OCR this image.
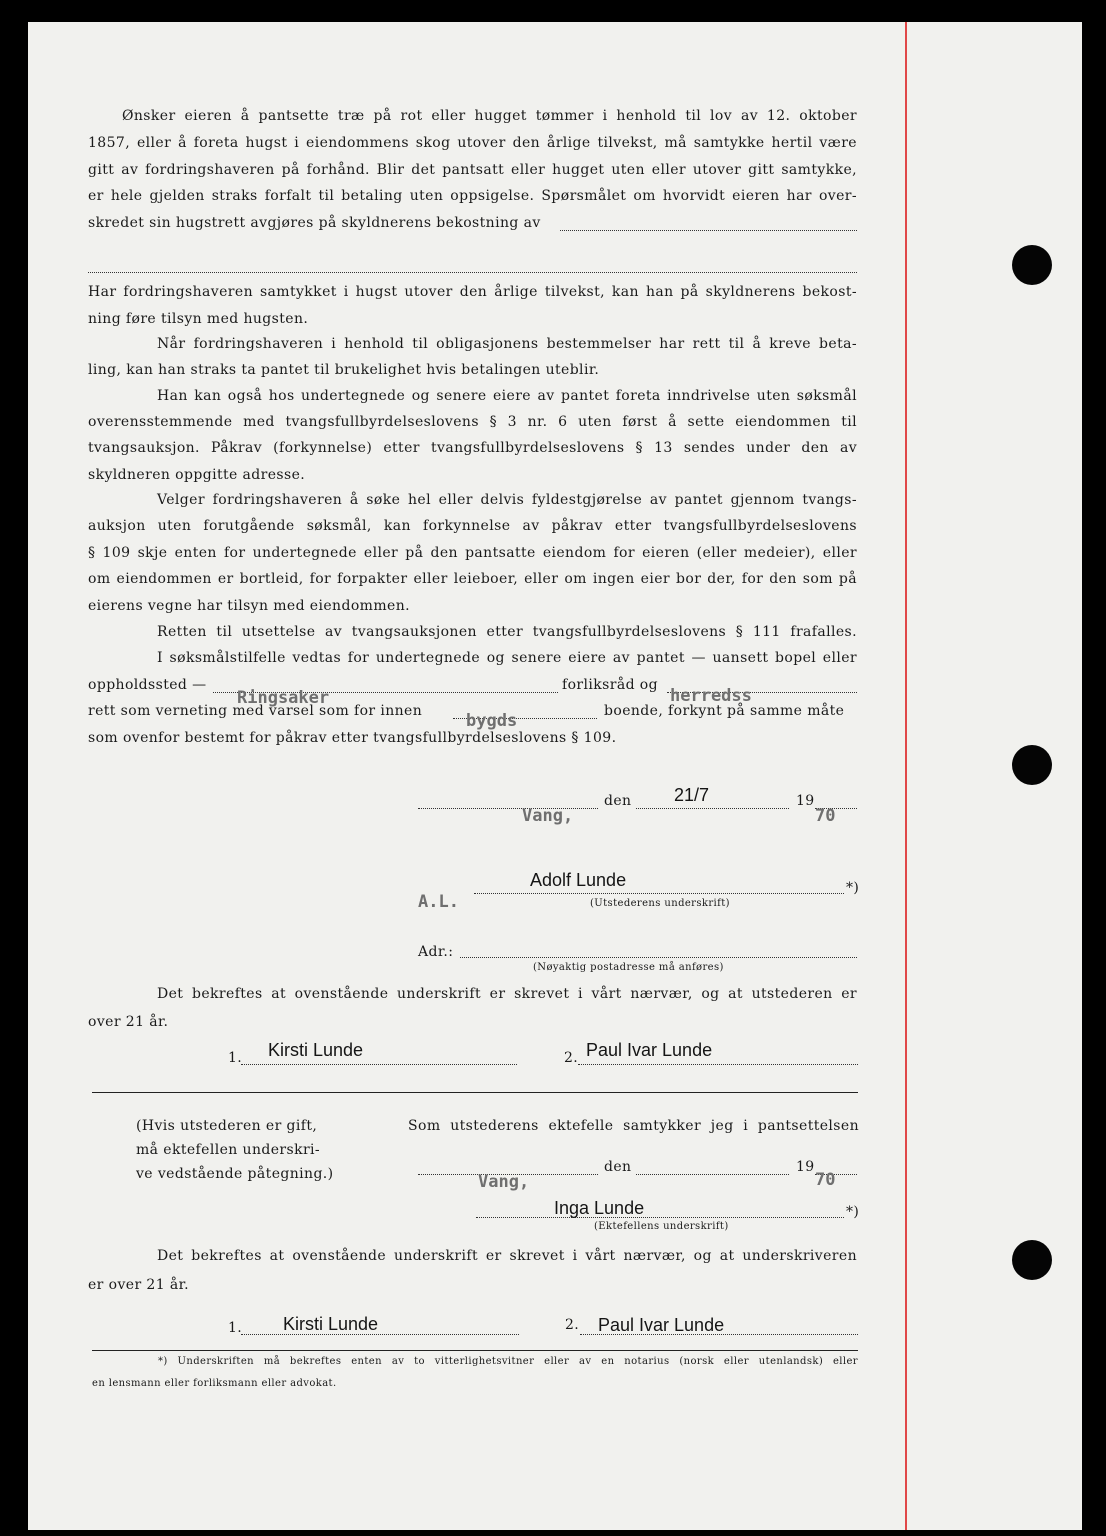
Ønsker eieren å pantsette træ på rot eller hugget tømmer i henhold til lov av 12. oktober
1857, eller å foreta hugst i eiendommens skog utover den årlige tilvekst, må samtykke hertil være
gitt av fordringshaveren på forhånd. Blir det pantsatt eller hugget uten eller utover gitt samtykke,
er hele gjelden straks forfalt til betaling uten oppsigelse. Spørsmålet om hvorvidt eieren har over-
skredet sin hugstrett avgjøres på skyldnerens bekostning av
Har fordringshaveren samtykket i hugst utover den årlige tilvekst, kan han på skyldnerens bekost-
ning føre tilsyn med hugsten.
Når fordringshaveren i henhold til obligasjonens bestemmelser har rett til å kreve beta-
ling, kan han straks ta pantet til brukelighet hvis betalingen uteblir.
Han kan også hos undertegnede og senere eiere av pantet foreta inndrivelse uten søksmål
overensstemmende med tvangsfullbyrdelseslovens § 3 nr. 6 uten først å sette eiendommen til
tvangsauksjon. Påkrav (forkynnelse) etter tvangsfullbyrdelseslovens § 13 sendes under den av
skyldneren oppgitte adresse.
Velger fordringshaveren å søke hel eller delvis fyldestgjørelse av pantet gjennom tvangs-
auksjon uten forutgående søksmål, kan forkynnelse av påkrav etter tvangsfullbyrdelseslovens
§ 109 skje enten for undertegnede eller på den pantsatte eiendom for eieren (eller medeier), eller
om eiendommen er bortleid, for forpakter eller leieboer, eller om ingen eier bor der, for den som på
eierens vegne har tilsyn med eiendommen.
Retten til utsettelse av tvangsauksjonen etter tvangsfullbyrdelseslovens § 111 frafalles.
I søksmålstilfelle vedtas for undertegnede og senere eiere av pantet — uansett bopel eller
oppholdssted —
Ringsaker
forliksråd og
herredss
rett som verneting med varsel som for innen	bygds	boende, forkynt på samme måte
som ovenfor bestemt for påkrav etter tvangsfullbyrdelseslovens § 109.
Vang,
den 21/7	19
70
A.L.
Adolf Lunde	*)
(Utstederens underskrift)
Adr.:
(Nøyaktig postadresse må anføres)
Det bekreftes at ovenstående underskrift er skrevet i vårt nærvær, og at utstederen er
over 21 år.
1. Kirsti Lunde	2. Paul Ivar Lunde
(Hvis utstederen er gift,
må ektefellen underskri-
ve vedstående påtegning.)
Som utstederens ektefelle samtykker jeg i pantsettelsen
Vang,
den	19
70
Inga Lunde	*)
(Ektefellens underskrift)
Det bekreftes at ovenstående underskrift er skrevet i vårt nærvær, og at underskriveren
er over 21 år.
1. Kirsti Lunde	2. Paul Ivar Lunde
*) Underskriften må bekreftes enten av to vitterlighetsvitner eller av en notarius (norsk eller utenlandsk) eller
en lensmann eller forliksmann eller advokat.
